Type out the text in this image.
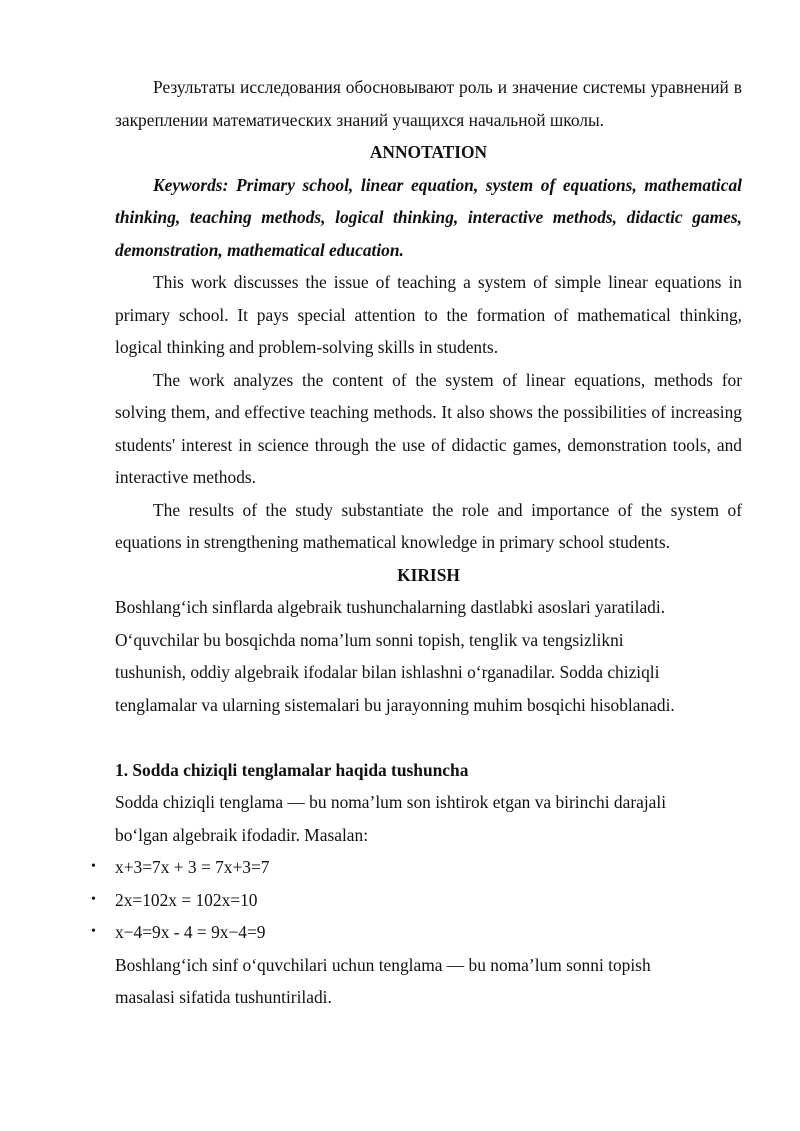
Результаты исследования обосновывают роль и значение системы уравнений в закреплении математических знаний учащихся начальной школы.

ANNOTATION

Keywords: Primary school, linear equation, system of equations, mathematical thinking, teaching methods, logical thinking, interactive methods, didactic games, demonstration, mathematical education.

This work discusses the issue of teaching a system of simple linear equations in primary school. It pays special attention to the formation of mathematical thinking, logical thinking and problem-solving skills in students.

The work analyzes the content of the system of linear equations, methods for solving them, and effective teaching methods. It also shows the possibilities of increasing students' interest in science through the use of didactic games, demonstration tools, and interactive methods.

The results of the study substantiate the role and importance of the system of equations in strengthening mathematical knowledge in primary school students.

KIRISH

Boshlang‘ich sinflarda algebraik tushunchalarning dastlabki asoslari yaratiladi.

O‘quvchilar bu bosqichda noma’lum sonni topish, tenglik va tengsizlikni

tushunish, oddiy algebraik ifodalar bilan ishlashni o‘rganadilar. Sodda chiziqli

tenglamalar va ularning sistemalari bu jarayonning muhim bosqichi hisoblanadi.

1. Sodda chiziqli tenglamalar haqida tushuncha

Sodda chiziqli tenglama — bu noma’lum son ishtirok etgan va birinchi darajali

bo‘lgan algebraik ifodadir. Masalan:

• x+3=7x + 3 = 7x+3=7
• 2x=102x = 102x=10
• x−4=9x - 4 = 9x−4=9

Boshlang‘ich sinf o‘quvchilari uchun tenglama — bu noma’lum sonni topish

masalasi sifatida tushuntiriladi.
